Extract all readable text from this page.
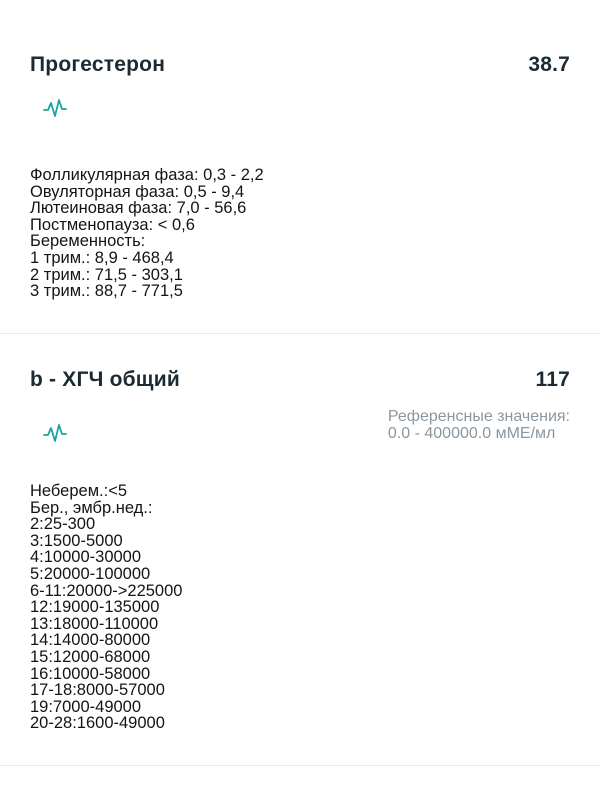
Прогестерон	38.7
Фолликулярная фаза: 0,3 - 2,2
Овуляторная фаза: 0,5 - 9,4
Лютеиновая фаза: 7,0 - 56,6
Постменопауза: < 0,6
Беременность:
1 трим.: 8,9 - 468,4
2 трим.: 71,5 - 303,1
3 трим.: 88,7 - 771,5
b - ХГЧ общий	117
Референсные значения:
0.0 - 400000.0 мМЕ/мл
Неберем.:<5
Бер., эмбр.нед.:
2:25-300
3:1500-5000
4:10000-30000
5:20000-100000
6-11:20000->225000
12:19000-135000
13:18000-110000
14:14000-80000
15:12000-68000
16:10000-58000
17-18:8000-57000
19:7000-49000
20-28:1600-49000
